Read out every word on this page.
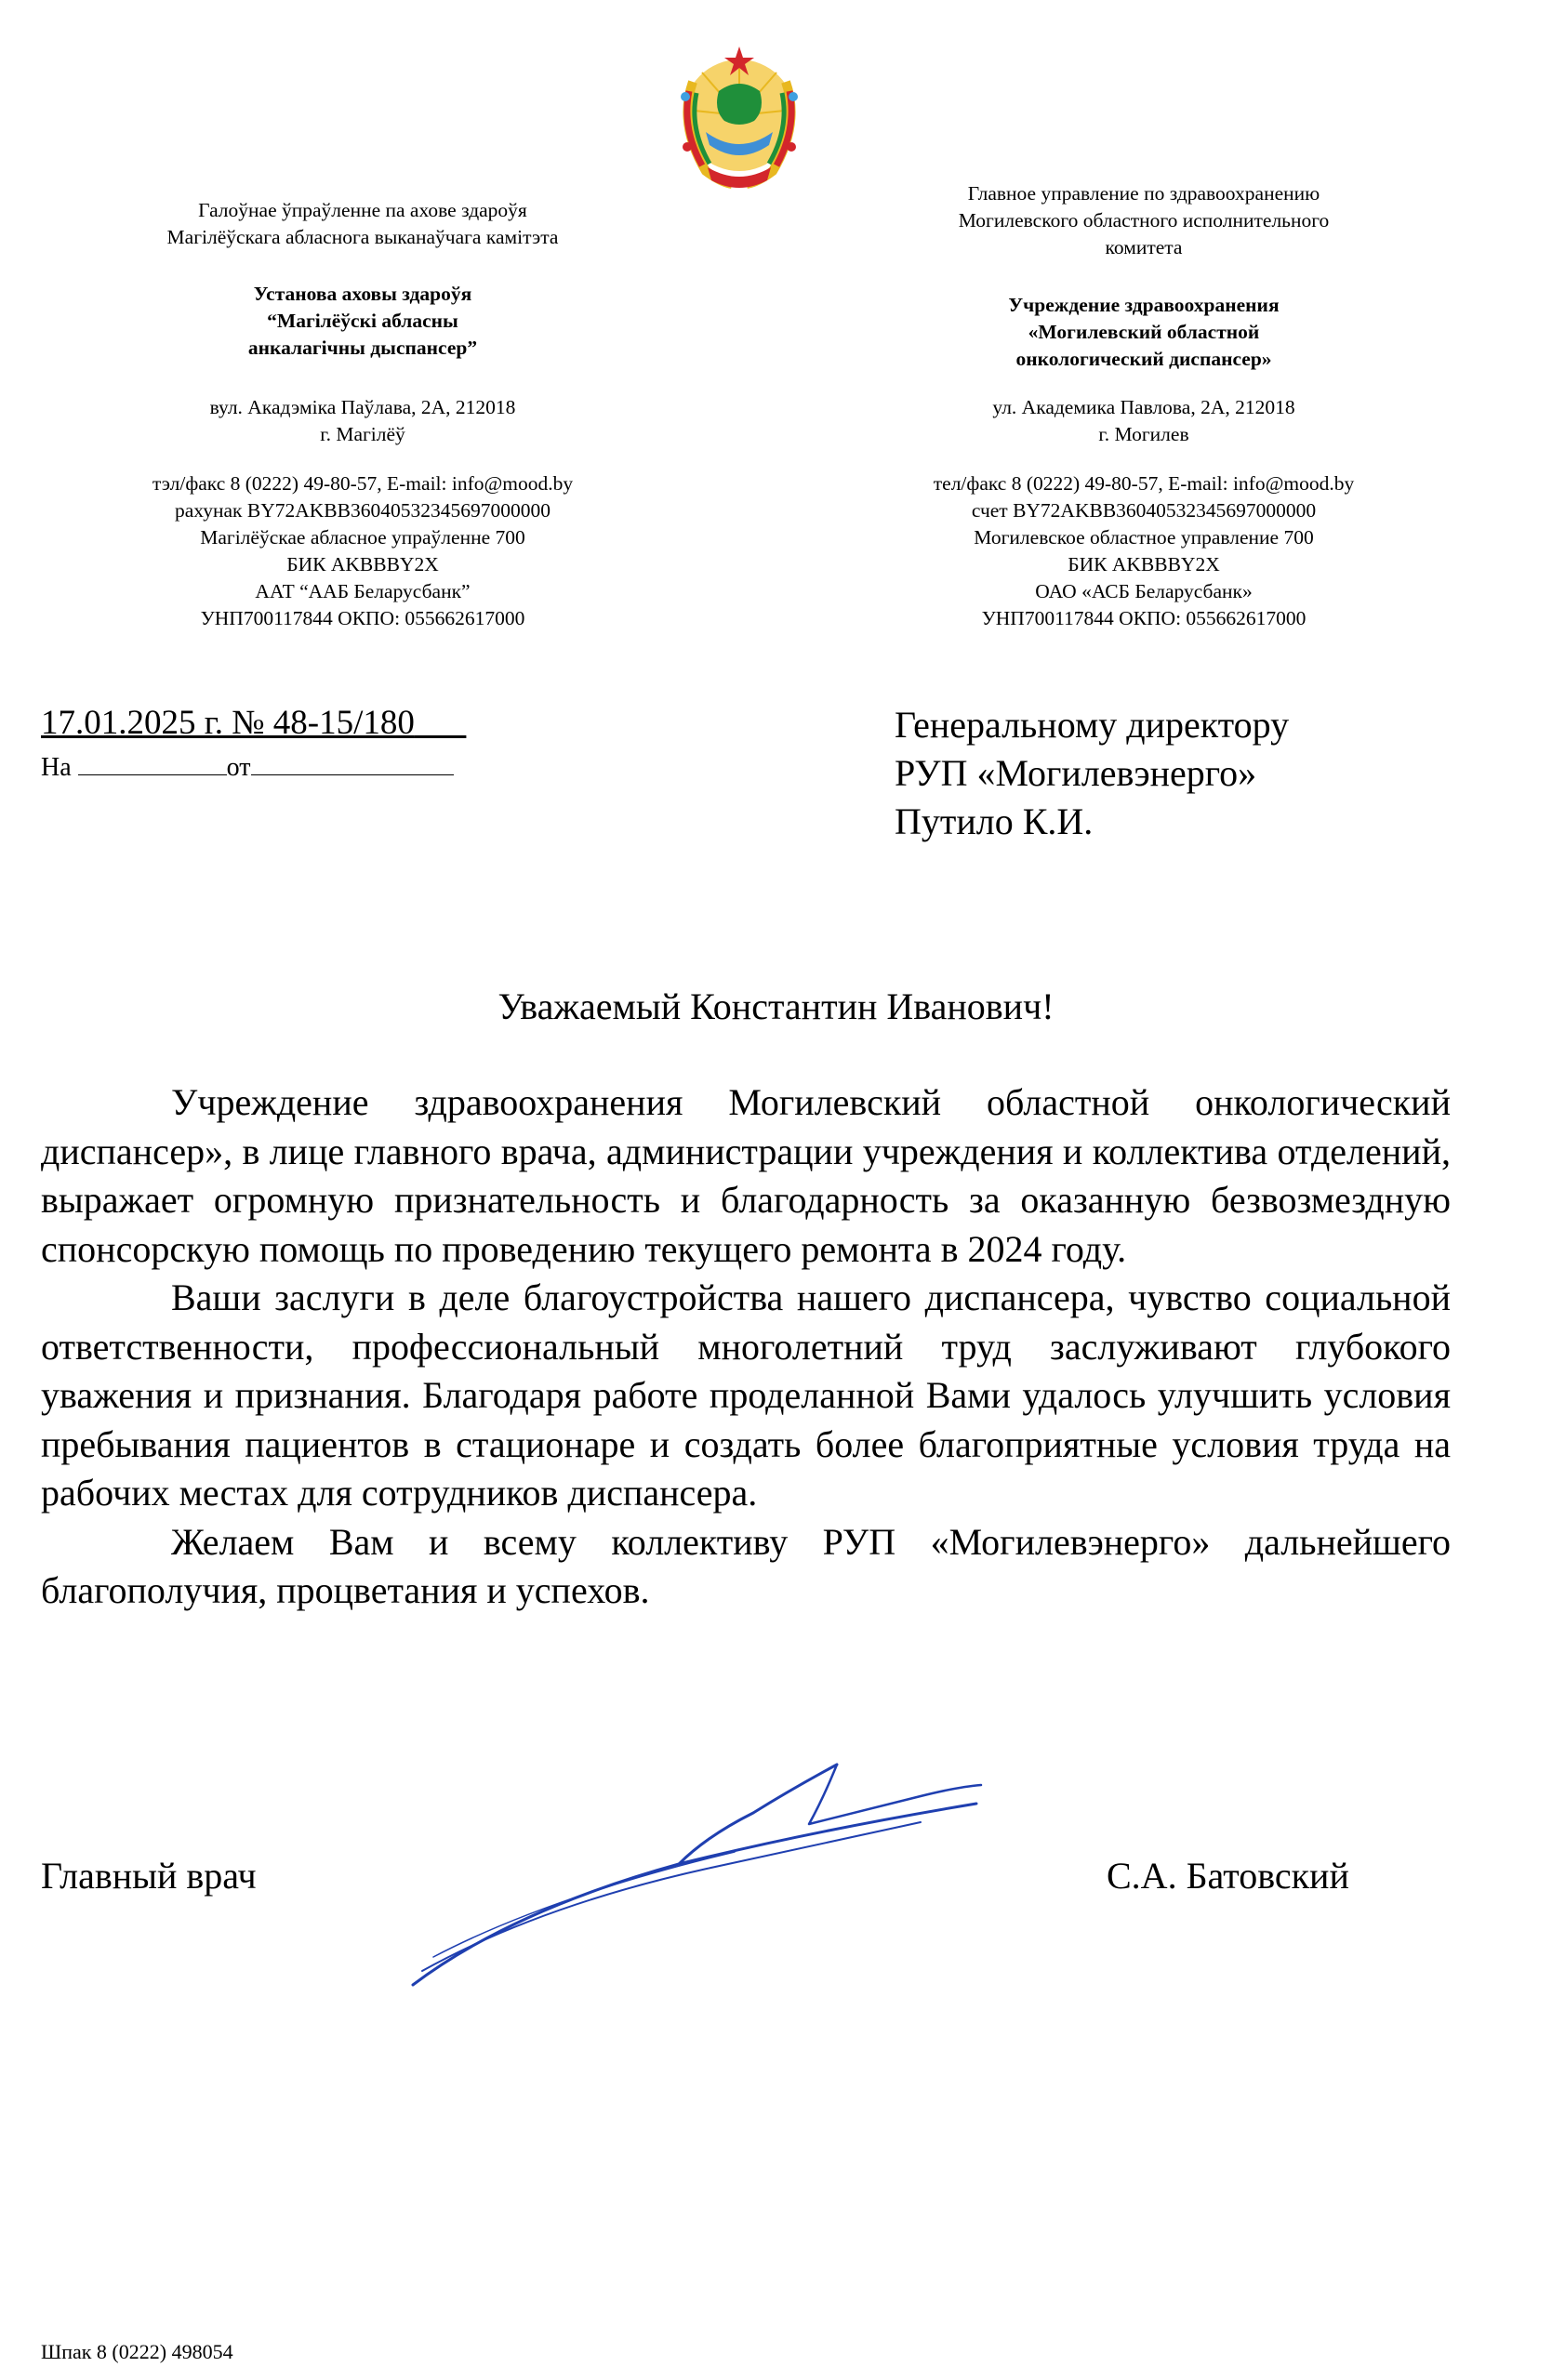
Галоўнае ўпраўленне па ахове здароўя
Магілёўскага абласнога выканаўчага камітэта
Установа аховы здароўя
“Магілёўскі абласны
анкалагічны дыспансер”
вул. Акадэміка Паўлава, 2А, 212018
г. Магілёў
тэл/факс 8 (0222) 49-80-57, E-mail: info@mood.by
рахунак BY72AKBB36040532345697000000
Магілёўскае абласное упраўленне 700
БИК AKBBBY2X
ААТ “ААБ Беларусбанк”
УНП700117844 ОКПО: 055662617000
Главное управление по здравоохранению
Могилевского областного исполнительного
комитета
Учреждение здравоохранения
«Могилевский областной
онкологический диспансер»
ул. Академика Павлова, 2А, 212018
г. Могилев
тел/факс 8 (0222) 49-80-57, E-mail: info@mood.by
счет BY72AKBB36040532345697000000
Могилевское областное управление 700
БИК AKBBBY2X
ОАО «АСБ Беларусбанк»
УНП700117844 ОКПО: 055662617000
17.01.2025 г. № 48-15/180
На	от
Генеральному директору
РУП «Могилевэнерго»
Путило К.И.
Уважаемый Константин Иванович!

Учреждение здравоохранения Могилевский областной онкологический диспансер», в лице главного врача, администрации учреждения и коллектива отделений, выражает огромную признательность и благодарность за оказанную безвозмездную спонсорскую помощь по проведению текущего ремонта в 2024 году.

Ваши заслуги в деле благоустройства нашего диспансера, чувство социальной ответственности, профессиональный многолетний труд заслуживают глубокого уважения и признания. Благодаря работе проделанной Вами удалось улучшить условия пребывания пациентов в стационаре и создать более благоприятные условия труда на рабочих местах для сотрудников диспансера.

Желаем Вам и всему коллективу РУП «Могилевэнерго» дальнейшего благополучия, процветания и успехов.

Главный врач	С.А. Батовский
Шпак 8 (0222) 498054
